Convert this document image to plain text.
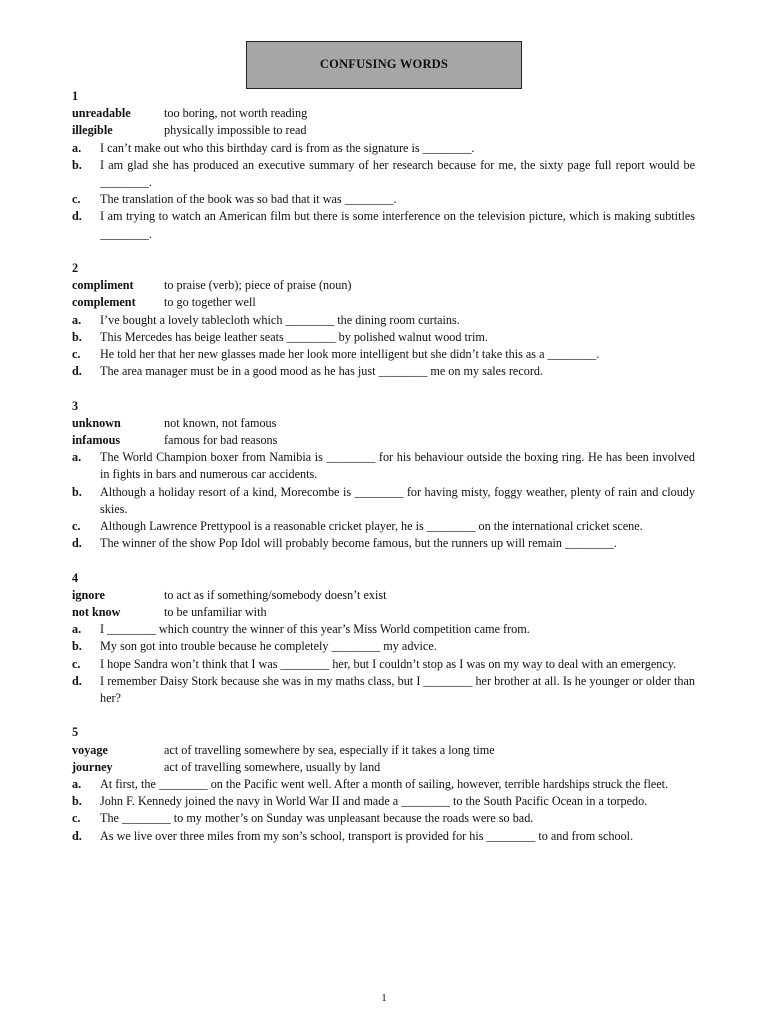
CONFUSING WORDS
1
unreadable	too boring, not worth reading
illegible	physically impossible to read
a.	I can’t make out who this birthday card is from as the signature is ________.
b.	I am glad she has produced an executive summary of her research because for me, the sixty page full report would be ________.
c.	The translation of the book was so bad that it was ________.
d.	I am trying to watch an American film but there is some interference on the television picture, which is making subtitles ________.
2
compliment	to praise (verb); piece of praise (noun)
complement	to go together well
a.	I’ve bought a lovely tablecloth which ________ the dining room curtains.
b.	This Mercedes has beige leather seats ________ by polished walnut wood trim.
c.	He told her that her new glasses made her look more intelligent but she didn’t take this as a ________.
d.	The area manager must be in a good mood as he has just ________ me on my sales record.
3
unknown	not known, not famous
infamous	famous for bad reasons
a.	The World Champion boxer from Namibia is ________ for his behaviour outside the boxing ring. He has been involved in fights in bars and numerous car accidents.
b.	Although a holiday resort of a kind, Morecombe is ________ for having misty, foggy weather, plenty of rain and cloudy skies.
c.	Although Lawrence Prettypool is a reasonable cricket player, he is ________ on the international cricket scene.
d.	The winner of the show Pop Idol will probably become famous, but the runners up will remain ________.
4
ignore	to act as if something/somebody doesn’t exist
not know	to be unfamiliar with
a.	I ________ which country the winner of this year’s Miss World competition came from.
b.	My son got into trouble because he completely ________ my advice.
c.	I hope Sandra won’t think that I was ________ her, but I couldn’t stop as I was on my way to deal with an emergency.
d.	I remember Daisy Stork because she was in my maths class, but I ________ her brother at all. Is he younger or older than her?
5
voyage	act of travelling somewhere by sea, especially if it takes a long time
journey	act of travelling somewhere, usually by land
a.	At first, the ________ on the Pacific went well. After a month of sailing, however, terrible hardships struck the fleet.
b.	John F. Kennedy joined the navy in World War II and made a ________ to the South Pacific Ocean in a torpedo.
c.	The ________ to my mother’s on Sunday was unpleasant because the roads were so bad.
d.	As we live over three miles from my son’s school, transport is provided for his ________ to and from school.
1
